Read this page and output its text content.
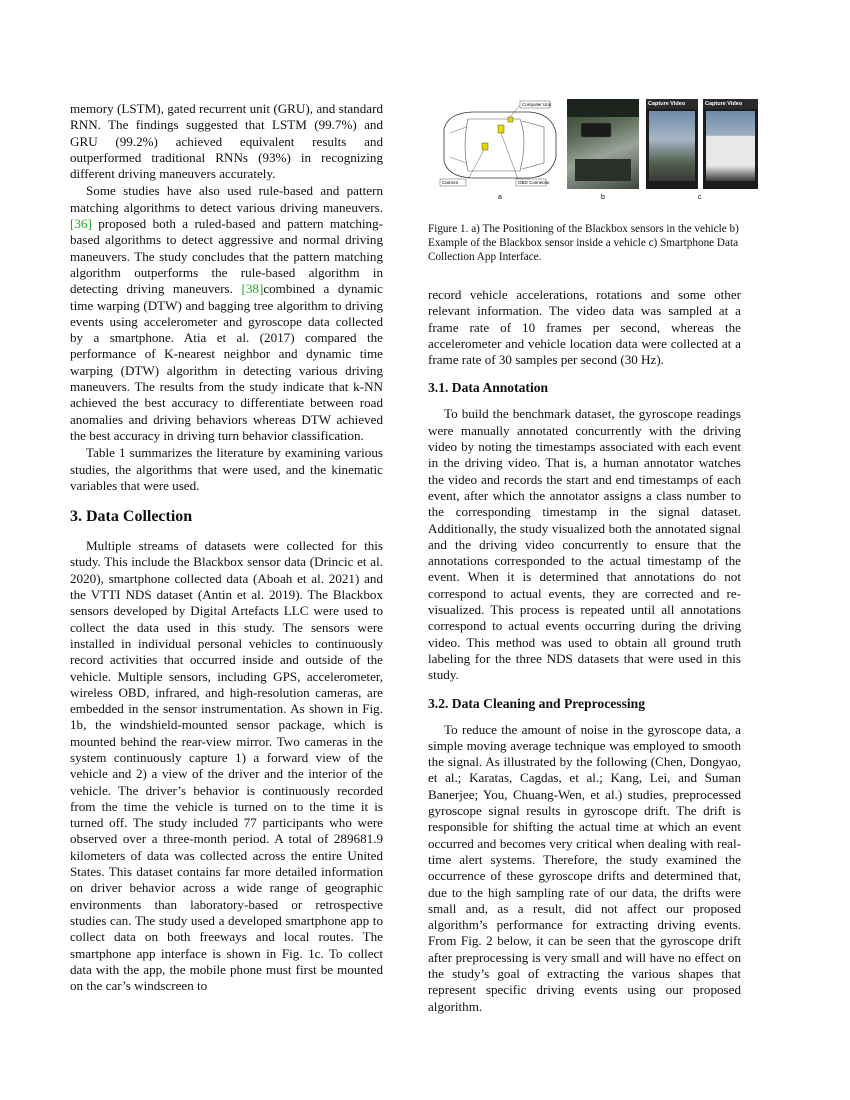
memory (LSTM), gated recurrent unit (GRU), and standard RNN. The findings suggested that LSTM (99.7%) and GRU (99.2%) achieved equivalent results and outperformed traditional RNNs (93%) in recognizing different driving maneuvers accurately.

Some studies have also used rule-based and pattern matching algorithms to detect various driving maneuvers. [36] proposed both a ruled-based and pattern matching-based algorithms to detect aggressive and normal driving maneuvers. The study concludes that the pattern matching algorithm outperforms the rule-based algorithm in detecting driving maneuvers. [38]combined a dynamic time warping (DTW) and bagging tree algorithm to driving events using accelerometer and gyroscope data collected by a smartphone. Atia et al. (2017) compared the performance of K-nearest neighbor and dynamic time warping (DTW) algorithm in detecting various driving maneuvers. The results from the study indicate that k-NN achieved the best accuracy to differentiate between road anomalies and driving behaviors whereas DTW achieved the best accuracy in driving turn behavior classification.

Table 1 summarizes the literature by examining various studies, the algorithms that were used, and the kinematic variables that were used.

3. Data Collection

Multiple streams of datasets were collected for this study. This include the Blackbox sensor data (Drincic et al. 2020), smartphone collected data (Aboah et al. 2021) and the VTTI NDS dataset (Antin et al. 2019). The Blackbox sensors developed by Digital Artefacts LLC were used to collect the data used in this study. The sensors were installed in individual personal vehicles to continuously record activities that occurred inside and outside of the vehicle. Multiple sensors, including GPS, accelerometer, wireless OBD, infrared, and high-resolution cameras, are embedded in the sensor instrumentation. As shown in Fig. 1b, the windshield-mounted sensor package, which is mounted behind the rear-view mirror. Two cameras in the system continuously capture 1) a forward view of the vehicle and 2) a view of the driver and the interior of the vehicle. The driver’s behavior is continuously recorded from the time the vehicle is turned on to the time it is turned off. The study included 77 participants who were observed over a three-month period. A total of 289681.9 kilometers of data was collected across the entire United States. This dataset contains far more detailed information on driver behavior across a wide range of geographic environments than laboratory-based or retrospective studies can. The study used a developed smartphone app to collect data on both freeways and local routes. The smartphone app interface is shown in Fig. 1c. To collect data with the app, the mobile phone must first be mounted on the car’s windscreen to

Computer Unit
Camera	OBD Connector
Capture Video	Capture Video
a	b	c

Figure 1. a) The Positioning of the Blackbox sensors in the vehicle b) Example of the Blackbox sensor inside a vehicle c) Smartphone Data Collection App Interface.

record vehicle accelerations, rotations and some other relevant information. The video data was sampled at a frame rate of 10 frames per second, whereas the accelerometer and vehicle location data were collected at a frame rate of 30 samples per second (30 Hz).

3.1. Data Annotation

To build the benchmark dataset, the gyroscope readings were manually annotated concurrently with the driving video by noting the timestamps associated with each event in the driving video. That is, a human annotator watches the video and records the start and end timestamps of each event, after which the annotator assigns a class number to the corresponding timestamp in the signal dataset. Additionally, the study visualized both the annotated signal and the driving video concurrently to ensure that the annotations corresponded to the actual timestamp of the event. When it is determined that annotations do not correspond to actual events, they are corrected and re-visualized. This process is repeated until all annotations correspond to actual events occurring during the driving video. This method was used to obtain all ground truth labeling for the three NDS datasets that were used in this study.

3.2. Data Cleaning and Preprocessing

To reduce the amount of noise in the gyroscope data, a simple moving average technique was employed to smooth the signal. As illustrated by the following (Chen, Dongyao, et al.; Karatas, Cagdas, et al.; Kang, Lei, and Suman Banerjee; You, Chuang-Wen, et al.) studies, preprocessed gyroscope signal results in gyroscope drift. The drift is responsible for shifting the actual time at which an event occurred and becomes very critical when dealing with real-time alert systems. Therefore, the study examined the occurrence of these gyroscope drifts and determined that, due to the high sampling rate of our data, the drifts were small and, as a result, did not affect our proposed algorithm’s performance for extracting driving events. From Fig. 2 below, it can be seen that the gyroscope drift after preprocessing is very small and will have no effect on the study’s goal of extracting the various shapes that represent specific driving events using our proposed algorithm.
